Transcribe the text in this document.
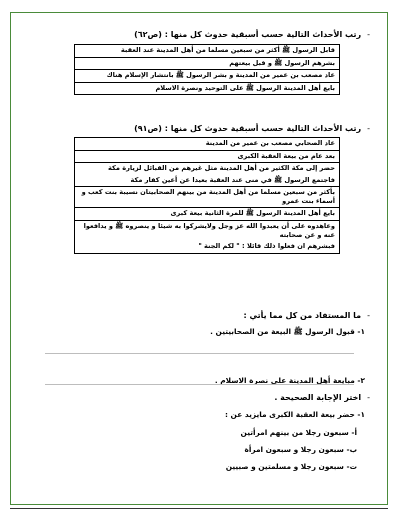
-رتب الأحداث التالية حسب أسبقية حدوث كل منها : (ص٦٢)
قابل الرسول ﷺ أكثر من سبعين مسلما من أهل المدينة عند العقبة
بشرهم الرسول ﷺ و قبل بيعتهم
عاد مصعب بن عمير من المدينة و بشر الرسول ﷺ بانتشار الإسلام هناك
بايع أهل المدينة الرسول ﷺ على التوحيد ونصرة الاسلام
-رتب الأحداث التالية حسب أسبقية حدوث كل منها : (ص٩١)
عاد الصحابي مصعب بن عمير من المدينة
بعد عام من بيعة العقبة الكبرى
حضر إلى مكة الكثير من أهل المدينة مثل غيرهم من القبائل لزيارة مكة
فاجتمع الرسول ﷺ في منى عند العقبة بعيدا عن أعين كفار مكة
بأكثر من سبعين مسلما من أهل المدينة من بينهم الصحابيتان نسيبة بنت كعب و أسماء بنت عمرو
بايع أهل المدينة الرسول ﷺ للمرة الثانية بيعة كبرى
وعاهدوه على أن يعبدوا الله عز وجل ولايشركوا به شيئا و ينصروه ﷺ و يدافعوا عنه و عن صحابته
فبشرهم ان فعلوا ذلك قائلا : " لكم الجنة "
-ما المستفاد من كل مما يأتي :
١- قبول الرسول ﷺ البيعة من الصحابيتين .
٢- مبايعة أهل المدينة على نصرة الاسلام .
-اختر الإجابة الصحيحة .
١- حضر بيعة العقبة الكبرى مايزيد عن :
أ- سبعون رجلا من بينهم امرأتين
ب- سبعون رجلا و سبعون امرأة
ت- سبعون رجلا و مسلمتين و صبيين
